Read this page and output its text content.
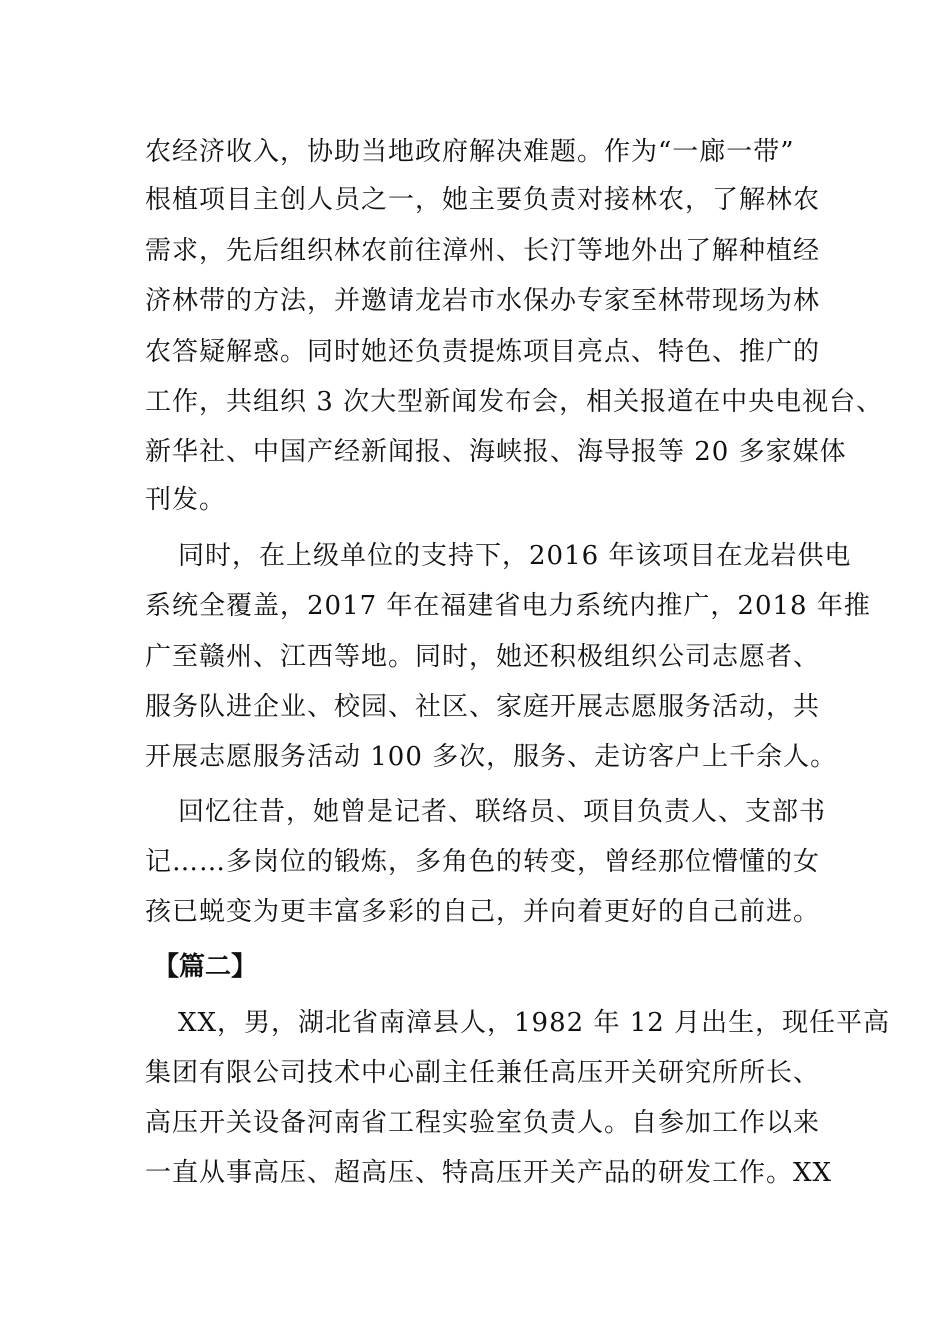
农经济收入，协助当地政府解决难题。作为“一廊一带”
根植项目主创人员之一，她主要负责对接林农，了解林农
需求，先后组织林农前往漳州、长汀等地外出了解种植经
济林带的方法，并邀请龙岩市水保办专家至林带现场为林
农答疑解惑。同时她还负责提炼项目亮点、特色、推广的
工作，共组织 3 次大型新闻发布会，相关报道在中央电视台、
新华社、中国产经新闻报、海峡报、海导报等 20 多家媒体
刊发。
同时，在上级单位的支持下，2016 年该项目在龙岩供电
系统全覆盖，2017 年在福建省电力系统内推广，2018 年推
广至赣州、江西等地。同时，她还积极组织公司志愿者、
服务队进企业、校园、社区、家庭开展志愿服务活动，共
开展志愿服务活动 100 多次，服务、走访客户上千余人。
回忆往昔，她曾是记者、联络员、项目负责人、支部书
记……多岗位的锻炼，多角色的转变，曾经那位懵懂的女
孩已蜕变为更丰富多彩的自己，并向着更好的自己前进。
【篇二】
XX，男，湖北省南漳县人，1982 年 12 月出生，现任平高
集团有限公司技术中心副主任兼任高压开关研究所所长、
高压开关设备河南省工程实验室负责人。自参加工作以来
一直从事高压、超高压、特高压开关产品的研发工作。XX
